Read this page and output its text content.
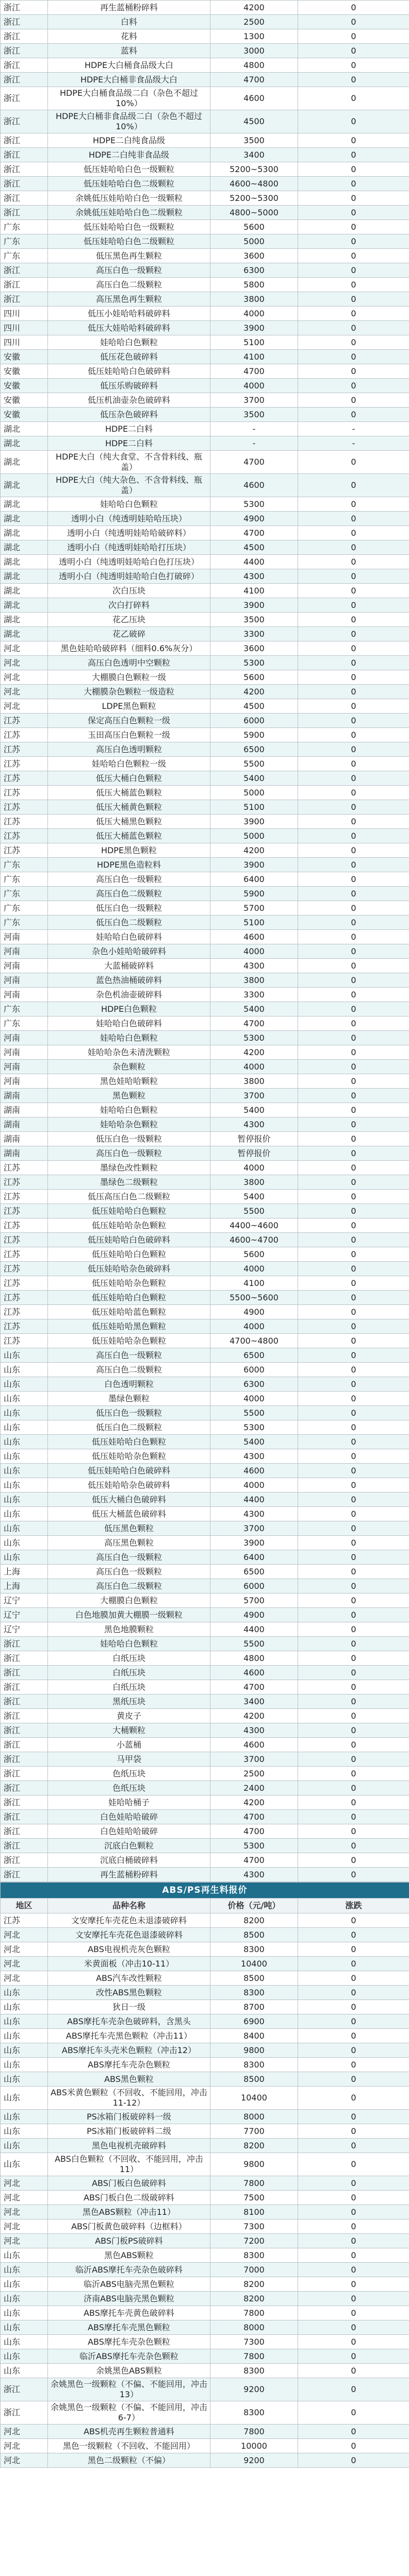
浙江	再生蓝桶粉碎料	4200	0
浙江	白料	2500	0
浙江	花料	1300	0
浙江	蓝料	3000	0
浙江	HDPE大白桶食品级大白	4800	0
浙江	HDPE大白桶非食品级大白	4700	0
浙江	HDPE大白桶食品级二白（杂色不超过10%）	4600	0
浙江	HDPE大白桶非食品级二白（杂色不超过10%）	4500	0
浙江	HDPE二白纯食品级	3500	0
浙江	HDPE二白纯非食品级	3400	0
浙江	低压娃哈哈白色一级颗粒	5200~5300	0
浙江	低压娃哈哈白色二级颗粒	4600~4800	0
浙江	余姚低压娃哈哈白色一级颗粒	5200~5300	0
浙江	余姚低压娃哈哈白色二级颗粒	4800~5000	0
广东	低压娃哈哈白色一级颗粒	5600	0
广东	低压娃哈哈白色二级颗粒	5000	0
广东	低压黑色再生颗粒	3600	0
浙江	高压白色一级颗粒	6300	0
浙江	高压白色二级颗粒	5800	0
浙江	高压黑色再生颗粒	3800	0
四川	低压小娃哈哈料破碎料	4000	0
四川	低压大娃哈哈料破碎料	3900	0
四川	娃哈哈白色颗粒	5100	0
安徽	低压花色破碎料	4100	0
安徽	低压娃哈哈白色破碎料	4700	0
安徽	低压乐购破碎料	4000	0
安徽	低压机油壶杂色破碎料	3700	0
安徽	低压杂色破碎料	3500	0
湖北	HDPE二白料	-	-
湖北	HDPE二白料	-	-
湖北	HDPE大白（纯大食堂、不含骨料线、瓶盖）	4700	0
湖北	HDPE大白（纯大杂色、不含骨料线、瓶盖）	4600	0
湖北	娃哈哈白色颗粒	5300	0
湖北	透明小白（纯透明娃哈哈压块）	4900	0
湖北	透明小白（纯透明娃哈哈破碎料）	4700	0
湖北	透明小白（纯透明娃哈哈打压块）	4500	0
湖北	透明小白（纯透明娃哈哈白色打压块）	4400	0
湖北	透明小白（纯透明娃哈哈白色打破碎）	4300	0
湖北	次白压块	4100	0
湖北	次白打碎料	3900	0
湖北	花乙压块	3500	0
湖北	花乙破碎	3300	0
河北	黑色娃哈哈破碎料（细料0.6%灰分）	3600	0
河北	高压白色透明中空颗粒	5300	0
河北	大棚膜白色颗粒一级	5600	0
河北	大棚膜杂色颗粒一级造粒	4200	0
河北	LDPE黑色颗粒	4500	0
江苏	保定高压白色颗粒一级	6000	0
江苏	玉田高压白色颗粒一级	5900	0
江苏	高压白色透明颗粒	6500	0
江苏	娃哈哈白色颗粒一级	5500	0
江苏	低压大桶白色颗粒	5400	0
江苏	低压大桶蓝色颗粒	5000	0
江苏	低压大桶黄色颗粒	5100	0
江苏	低压大桶黑色颗粒	3900	0
江苏	低压大桶蓝色颗粒	5000	0
江苏	HDPE黑色颗粒	4200	0
广东	HDPE黑色造粒料	3900	0
广东	高压白色一级颗粒	6400	0
广东	高压白色二级颗粒	5900	0
广东	低压白色一级颗粒	5700	0
广东	低压白色二级颗粒	5100	0
河南	娃哈哈白色破碎料	4600	0
河南	杂色小娃哈哈破碎料	4000	0
河南	大蓝桶破碎料	4300	0
河南	蓝色热油桶破碎料	3800	0
河南	杂色机油壶破碎料	3300	0
广东	HDPE白色颗粒	5400	0
广东	娃哈哈白色破碎料	4700	0
河南	娃哈哈白色颗粒	5300	0
河南	娃哈哈杂色未清洗颗粒	4200	0
河南	杂色颗粒	4000	0
河南	黑色娃哈哈颗粒	3800	0
湖南	黑色颗粒	3700	0
湖南	娃哈哈白色颗粒	5400	0
湖南	娃哈哈杂色颗粒	4300	0
湖南	低压白色一级颗粒	暂停报价	0
湖南	高压白色一级颗粒	暂停报价	0
江苏	墨绿色改性颗粒	4000	0
江苏	墨绿色二级颗粒	3800	0
江苏	低压高压白色二级颗粒	5400	0
江苏	低压娃哈哈白色颗粒	5500	0
江苏	低压娃哈哈杂色颗粒	4400~4600	0
江苏	低压娃哈哈白色破碎料	4600~4700	0
江苏	低压娃哈哈白色颗粒	5600	0
江苏	低压娃哈哈杂色破碎料	4000	0
江苏	低压娃哈哈杂色颗粒	4100	0
江苏	低压娃哈哈白色颗粒	5500~5600	0
江苏	低压娃哈哈蓝色颗粒	4900	0
江苏	低压娃哈哈黑色颗粒	4000	0
江苏	低压娃哈哈杂色颗粒	4700~4800	0
山东	高压白色一级颗粒	6500	0
山东	高压白色二级颗粒	6000	0
山东	白色透明颗粒	6300	0
山东	墨绿色颗粒	4000	0
山东	低压白色一级颗粒	5500	0
山东	低压白色二级颗粒	5300	0
山东	低压娃哈哈白色颗粒	5400	0
山东	低压娃哈哈杂色颗粒	4300	0
山东	低压娃哈哈白色破碎料	4600	0
山东	低压娃哈哈杂色破碎料	4000	0
山东	低压大桶白色破碎料	4400	0
山东	低压大桶蓝色破碎料	4300	0
山东	低压黑色颗粒	3700	0
山东	高压黑色颗粒	3900	0
山东	高压白色一级颗粒	6400	0
上海	高压白色一级颗粒	6500	0
上海	高压白色二级颗粒	6000	0
辽宁	大棚膜白色颗粒	5700	0
辽宁	白色地膜加黄大棚膜一级颗粒	4900	0
辽宁	黑色地膜颗粒	4400	0
浙江	娃哈哈白色颗粒	5500	0
浙江	白纸压块	4800	0
浙江	白纸压块	4600	0
浙江	白纸压块	4700	0
浙江	黑纸压块	3400	0
浙江	黄皮子	4200	0
浙江	大桶颗粒	4300	0
浙江	小蓝桶	4600	0
浙江	马甲袋	3700	0
浙江	色纸压块	2500	0
浙江	色纸压块	2400	0
浙江	娃哈哈桶子	4200	0
浙江	白色娃哈哈破碎	4700	0
浙江	白色娃哈哈破碎	4700	0
浙江	沉底白色颗粒	5300	0
浙江	沉底白桶破碎料	4700	0
浙江	再生蓝桶粉碎料	4300	0
ABS/PS再生料报价			
地区	品种名称	价格（元/吨）	涨跌
江苏	文安摩托车壳花色未退漆破碎料	8200	0
河北	文安摩托车壳花色退漆破碎料	8500	0
河北	ABS电视机壳灰色颗粒	8300	0
河北	米黄面板（冲击10-11）	10400	0
河北	ABS汽车改性颗粒	8500	0
山东	改性ABS黑色颗粒	8300	0
山东	狄日一级	8700	0
山东	ABS摩托车壳杂色破碎料，含黑头	6900	0
山东	ABS摩托车壳黑色颗粒（冲击11）	8400	0
山东	ABS摩托车头壳米色颗粒（冲击12）	9800	0
山东	ABS摩托车壳杂色颗粒	8300	0
山东	ABS黑色颗粒	8500	0
山东	ABS米黄色颗粒（不回收、不能回用，冲击11-12）	10400	0
山东	PS冰箱门板破碎料一级	8000	0
山东	PS冰箱门板破碎料二级	7700	0
山东	黑色电视机壳破碎料	8200	0
山东	ABS白色颗粒（不回收、不能回用，冲击11）	9800	0
河北	ABS门板白色破碎料	7800	0
河北	ABS门板白色二级破碎料	7500	0
河北	黑色ABS颗粒（冲击11）	8100	0
河北	ABS门板黄色破碎料（边框料）	7300	0
河北	ABS门板PS破碎料	7200	0
山东	黑色ABS颗粒	8300	0
山东	临沂ABS摩托车壳杂色破碎料	7000	0
山东	临沂ABS电脑壳黑色颗粒	8200	0
山东	济南ABS电脑壳黑色颗粒	8200	0
山东	ABS摩托车壳黄色破碎料	7800	0
山东	ABS摩托车壳黑色颗粒	8000	0
山东	ABS摩托车壳杂色颗粒	7300	0
山东	临沂ABS摩托车壳杂色颗粒	7800	0
山东	余姚黑色ABS颗粒	8300	0
浙江	余姚黑色一级颗粒（不偏、不能回用，冲击13）	9200	0
浙江	余姚黑色一级颗粒（不偏、不能回用，冲击6-7）	8300	0
河北	ABS机壳再生颗粒普通料	7800	0
河北	黑色一级颗粒（不回收、不能回用）	10000	0
河北	黑色二级颗粒（不偏）	9200	0
